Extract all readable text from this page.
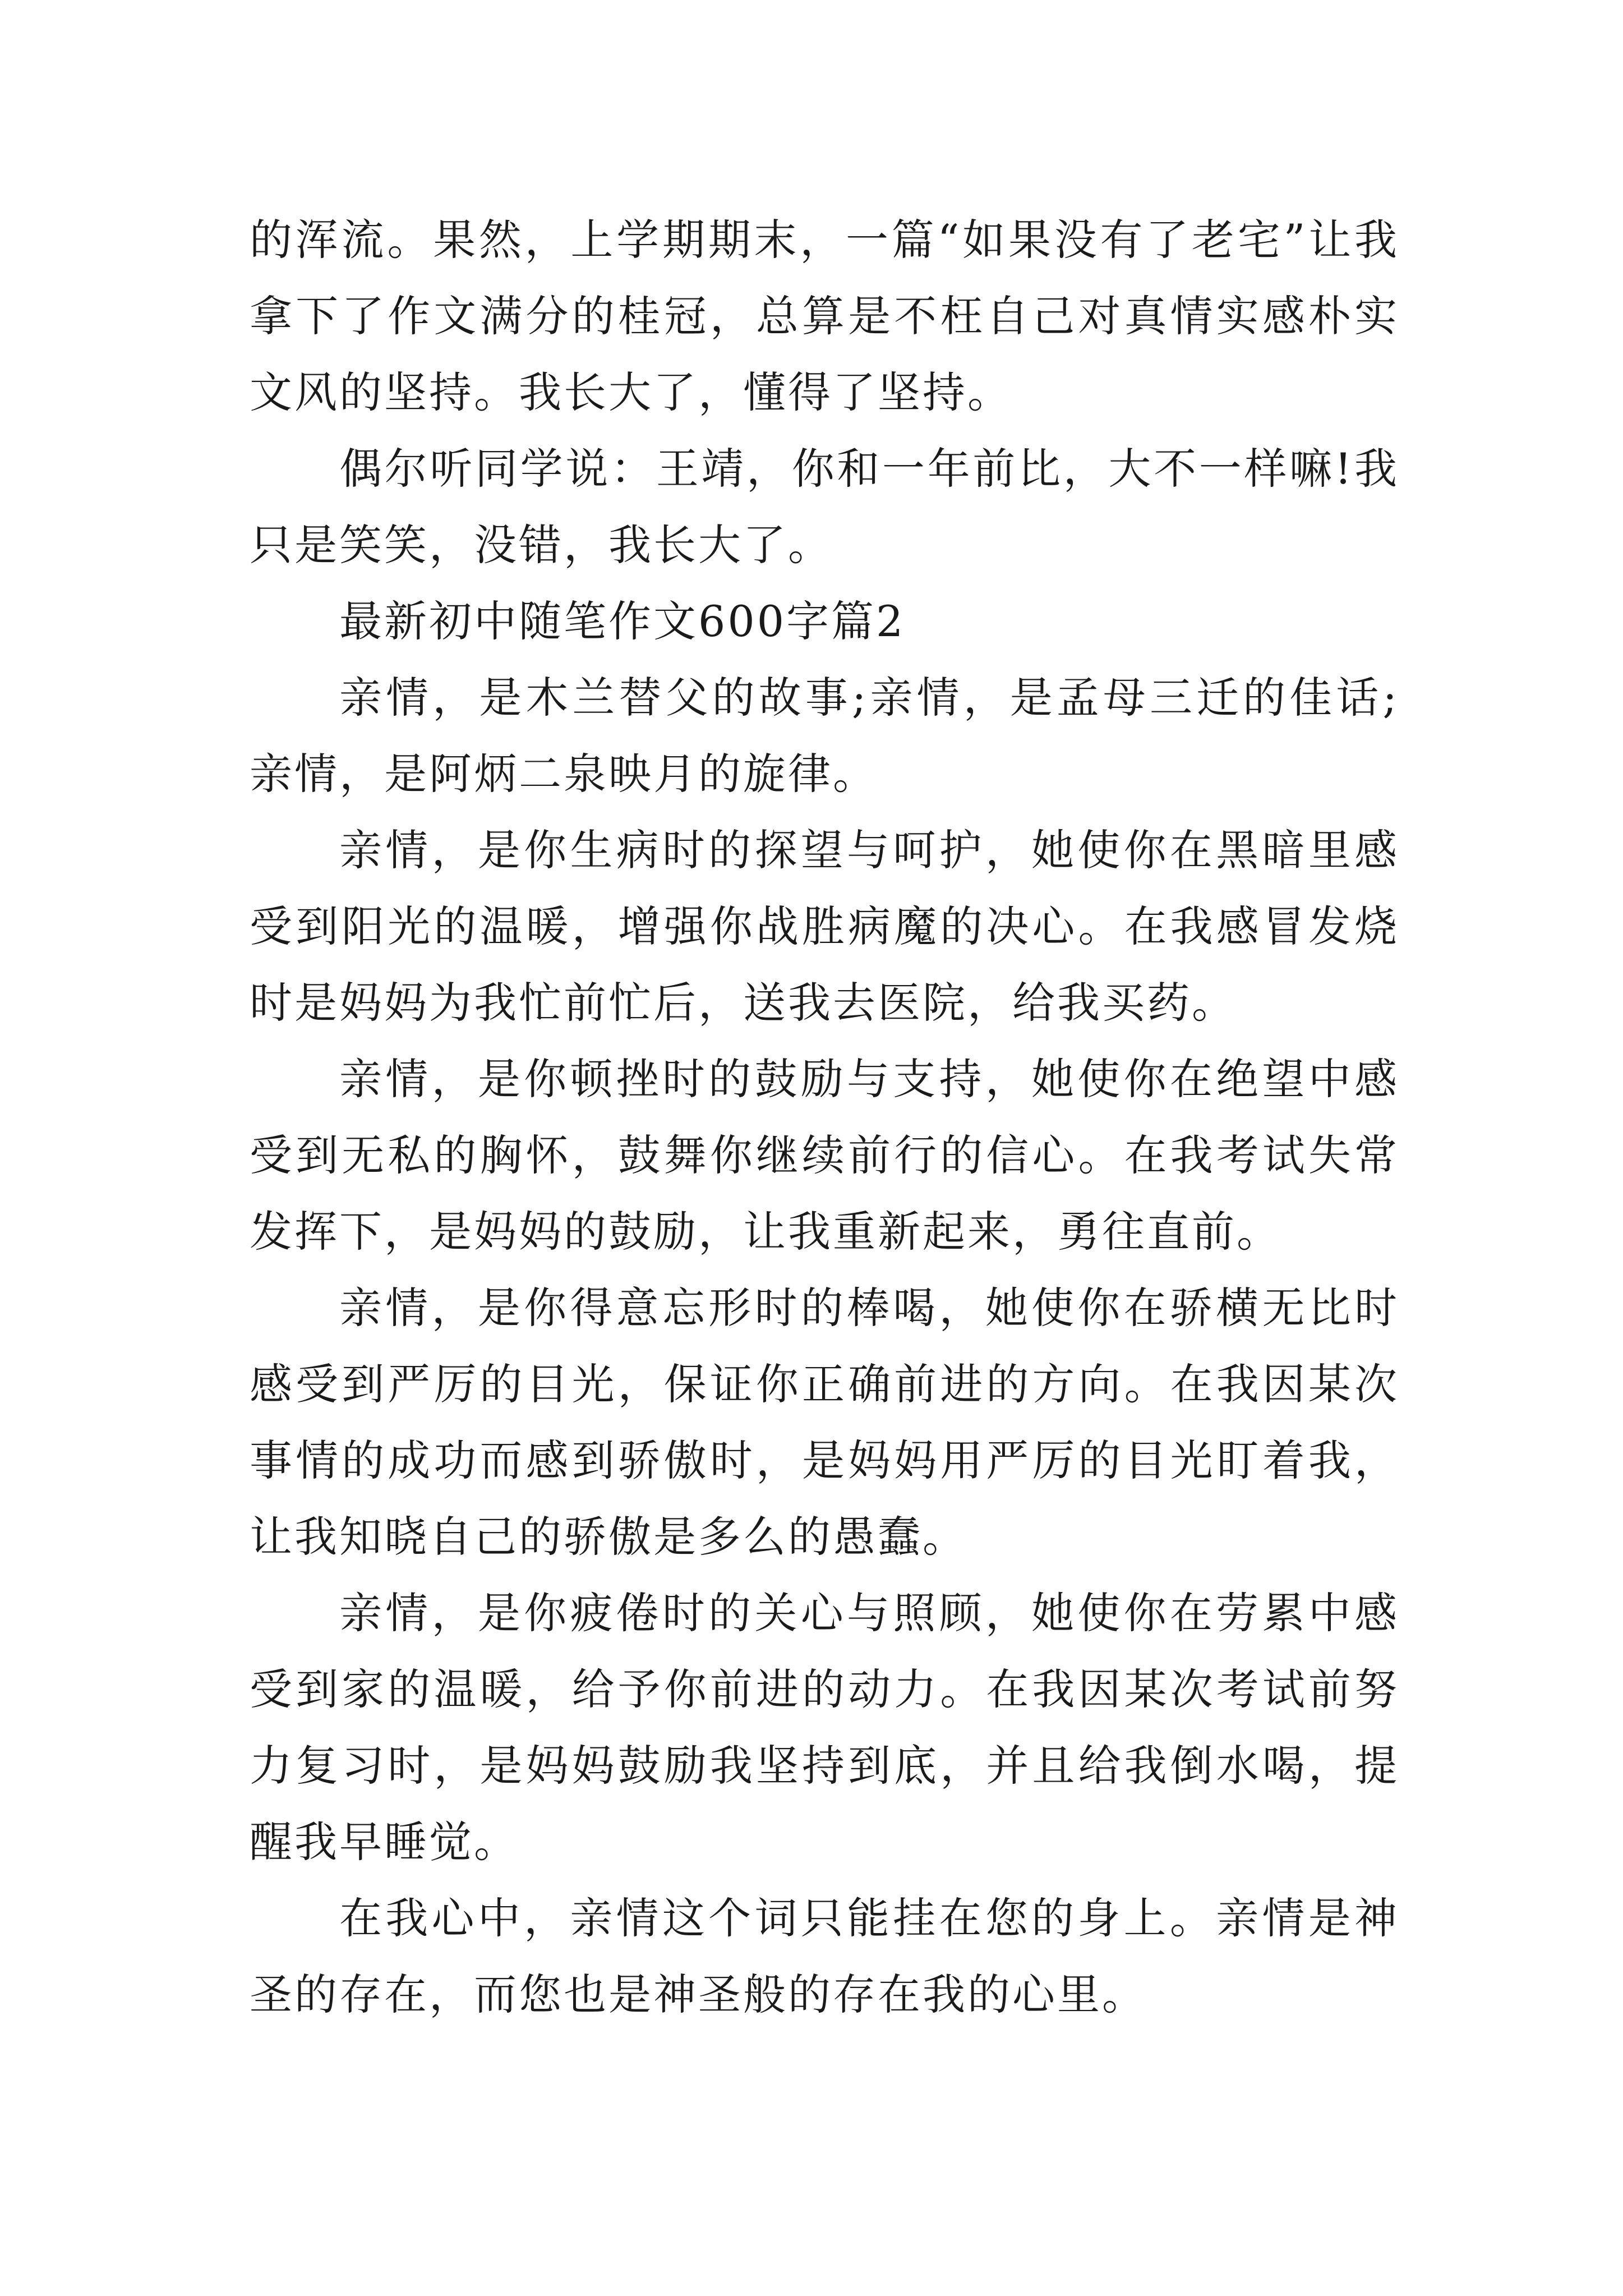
的浑流。果然，上学期期末，一篇“如果没有了老宅”让我拿下了作文满分的桂冠，总算是不枉自己对真情实感朴实文风的坚持。我长大了，懂得了坚持。

偶尔听同学说：王靖，你和一年前比，大不一样嘛!我只是笑笑，没错，我长大了。

最新初中随笔作文600字篇2

亲情，是木兰替父的故事;亲情，是孟母三迁的佳话;亲情，是阿炳二泉映月的旋律。

亲情，是你生病时的探望与呵护，她使你在黑暗里感受到阳光的温暖，增强你战胜病魔的决心。在我感冒发烧时是妈妈为我忙前忙后，送我去医院，给我买药。

亲情，是你顿挫时的鼓励与支持，她使你在绝望中感受到无私的胸怀，鼓舞你继续前行的信心。在我考试失常发挥下，是妈妈的鼓励，让我重新起来，勇往直前。

亲情，是你得意忘形时的棒喝，她使你在骄横无比时感受到严厉的目光，保证你正确前进的方向。在我因某次事情的成功而感到骄傲时，是妈妈用严厉的目光盯着我，让我知晓自己的骄傲是多么的愚蠢。

亲情，是你疲倦时的关心与照顾，她使你在劳累中感受到家的温暖，给予你前进的动力。在我因某次考试前努力复习时，是妈妈鼓励我坚持到底，并且给我倒水喝，提醒我早睡觉。

在我心中，亲情这个词只能挂在您的身上。亲情是神圣的存在，而您也是神圣般的存在我的心里。
